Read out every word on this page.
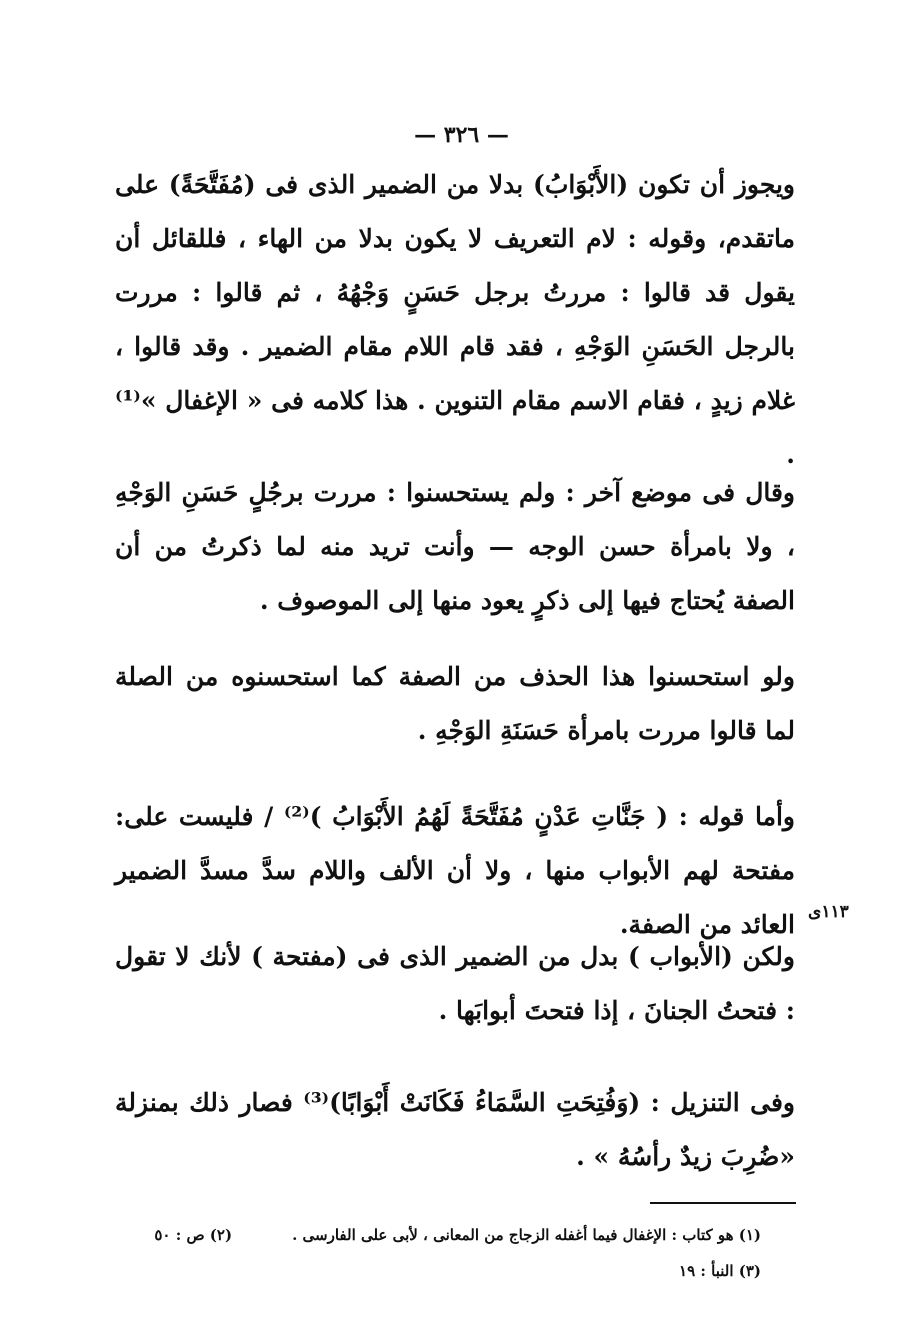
— ٣٢٦ —

ويجوز أن تكون (الأَبْوَابُ) بدلا من الضمير الذى فى (مُفَتَّحَةً) على ماتقدم، وقوله : لام التعريف لا يكون بدلا من الهاء ، فللقائل أن يقول قد قالوا : مررتُ برجل حَسَنٍ وَجْهُهُ ، ثم قالوا : مررت بالرجل الحَسَنِ الوَجْهِ ، فقد قام اللام مقام الضمير . وقد قالوا ، غلام زيدٍ ، فقام الاسم مقام التنوين . هذا كلامه فى « الإغفال »⁽¹⁾ .

وقال فى موضع آخر : ولم يستحسنوا : مررت برجُلٍ حَسَنِ الوَجْهِ ، ولا بامرأة حسن الوجه — وأنت تريد منه لما ذكرتُ من أن الصفة يُحتاج فيها إلى ذكرٍ يعود منها إلى الموصوف .

ولو استحسنوا هذا الحذف من الصفة كما استحسنوه من الصلة لما قالوا مررت بامرأة حَسَنَةِ الوَجْهِ .

وأما قوله : ( جَنَّاتِ عَدْنٍ مُفَتَّحَةً لَهُمُ الأَبْوَابُ )⁽²⁾ / فليست على: مفتحة لهم الأبواب منها ، ولا أن الألف واللام سدَّ مسدَّ الضمير العائد من الصفة. ١١٣ى

ولكن (الأبواب ) بدل من الضمير الذى فى (مفتحة ) لأنك لا تقول : فتحتُ الجنانَ ، إذا فتحتَ أبوابَها .

وفى التنزيل : (وَفُتِحَتِ السَّمَاءُ فَكَانَتْ أَبْوَابًا)⁽³⁾ فصار ذلك بمنزلة «ضُرِبَ زيدٌ رأسُهُ » .

(١) هو كتاب : الإغفال فيما أغفله الزجاج من المعانى ، لأبى على الفارسى .(٢) ص : ٥٠
(٣) النبأ : ١٩
